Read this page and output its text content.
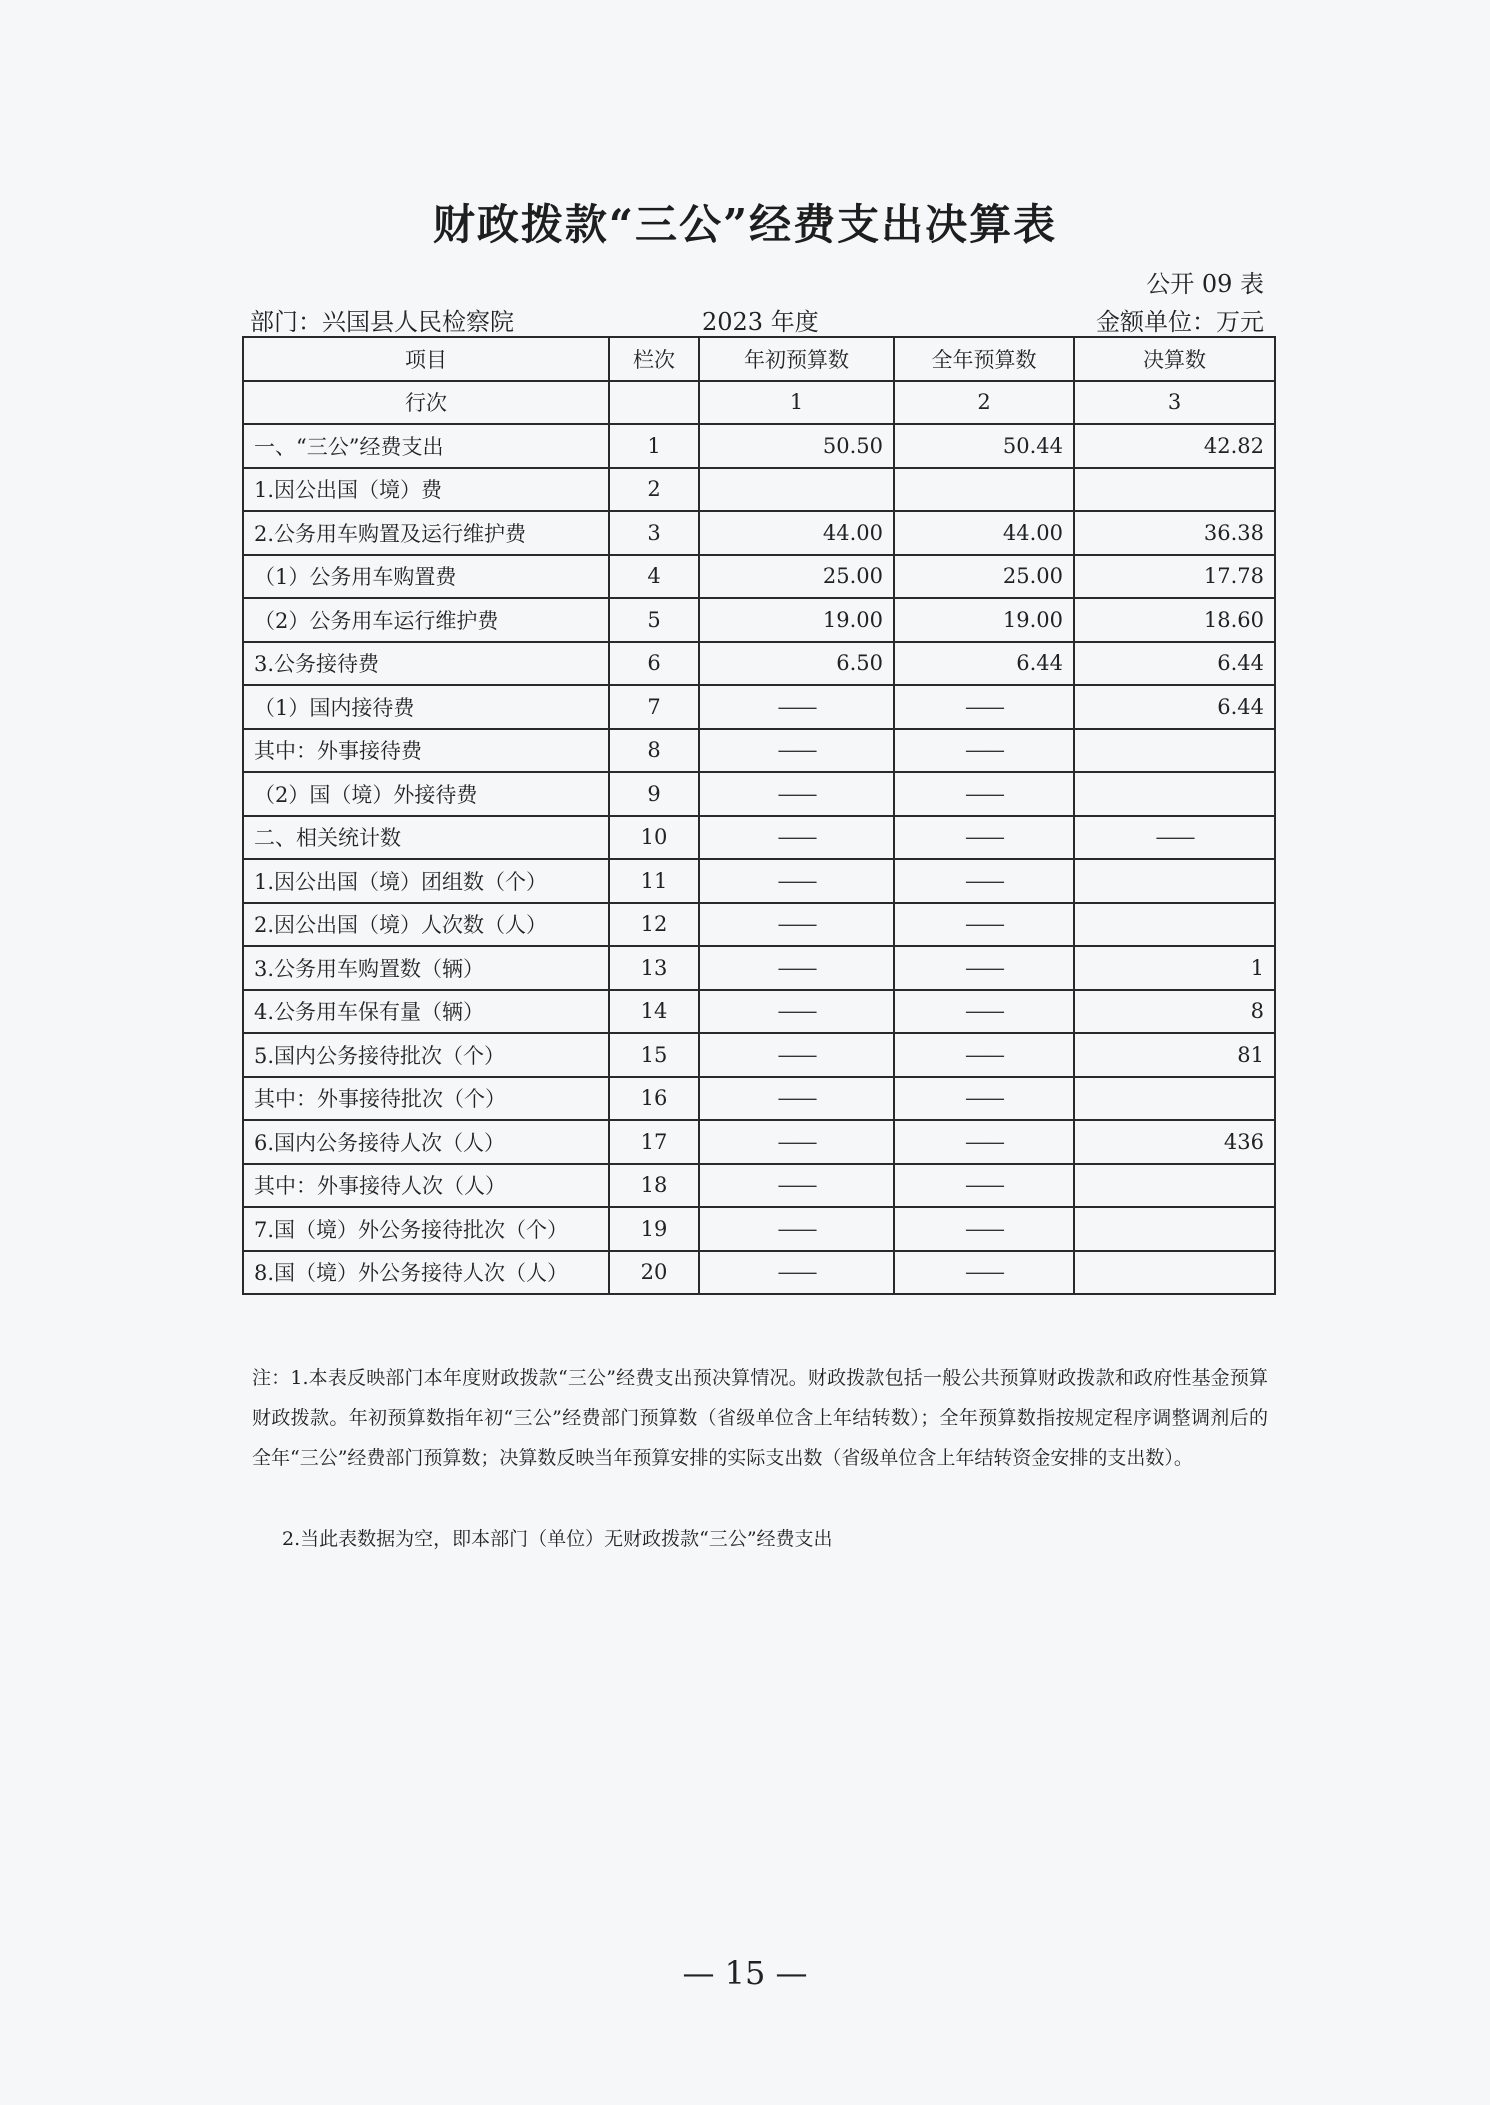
财政拨款“三公”经费支出决算表
公开 09 表
部门：兴国县人民检察院	2023 年度	金额单位：万元
项目	栏次	年初预算数	全年预算数	决算数
行次		1	2	3
一、“三公”经费支出	1	50.50	50.44	42.82
1.因公出国（境）费	2			
2.公务用车购置及运行维护费	3	44.00	44.00	36.38
（1）公务用车购置费	4	25.00	25.00	17.78
（2）公务用车运行维护费	5	19.00	19.00	18.60
3.公务接待费	6	6.50	6.44	6.44
（1）国内接待费	7	——	——	6.44
其中：外事接待费	8	——	——	
（2）国（境）外接待费	9	——	——	
二、相关统计数	10	——	——	——
1.因公出国（境）团组数（个）	11	——	——	
2.因公出国（境）人次数（人）	12	——	——	
3.公务用车购置数（辆）	13	——	——	1
4.公务用车保有量（辆）	14	——	——	8
5.国内公务接待批次（个）	15	——	——	81
其中：外事接待批次（个）	16	——	——	
6.国内公务接待人次（人）	17	——	——	436
其中：外事接待人次（人）	18	——	——	
7.国（境）外公务接待批次（个）	19	——	——	
8.国（境）外公务接待人次（人）	20	——	——	
注：1.本表反映部门本年度财政拨款“三公”经费支出预决算情况。财政拨款包括一般公共预算财政拨款和政府性基金预算财政拨款。年初预算数指年初“三公”经费部门预算数（省级单位含上年结转数）；全年预算数指按规定程序调整调剂后的全年“三公”经费部门预算数；决算数反映当年预算安排的实际支出数（省级单位含上年结转资金安排的支出数）。
2.当此表数据为空，即本部门（单位）无财政拨款“三公”经费支出
— 15 —
